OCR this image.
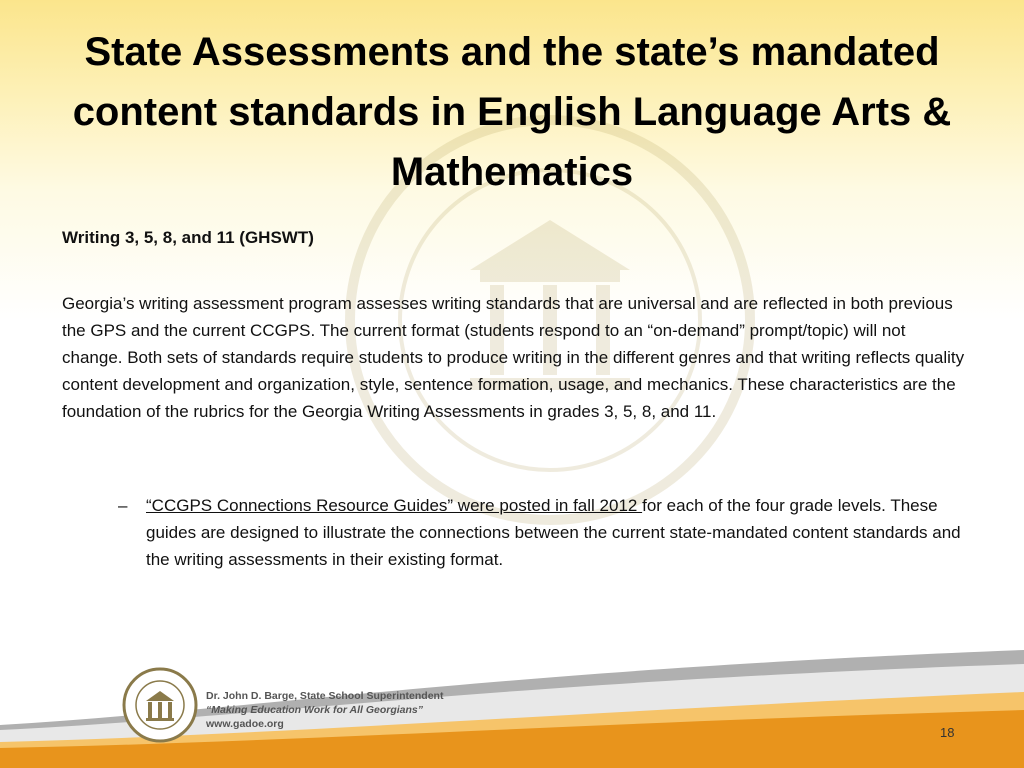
State Assessments and the state’s mandated content standards in English Language Arts & Mathematics

Writing 3, 5, 8, and 11 (GHSWT)

Georgia’s writing assessment program assesses writing standards that are universal and are reflected in both previous the GPS and the current CCGPS. The current format (students respond to an “on-demand” prompt/topic) will not change. Both sets of standards require students to produce writing in the different genres and that writing reflects quality content development and organization, style, sentence formation, usage, and mechanics. These characteristics are the foundation of the rubrics for the Georgia Writing Assessments in grades 3, 5, 8, and 11.

– “CCGPS Connections Resource Guides” were posted in fall 2012 for each of the four grade levels. These guides are designed to illustrate the connections between the current state-mandated content standards and the writing assessments in their existing format.
Dr. John D. Barge, State School Superintendent
“Making Education Work for All Georgians”
www.gadoe.org
18
